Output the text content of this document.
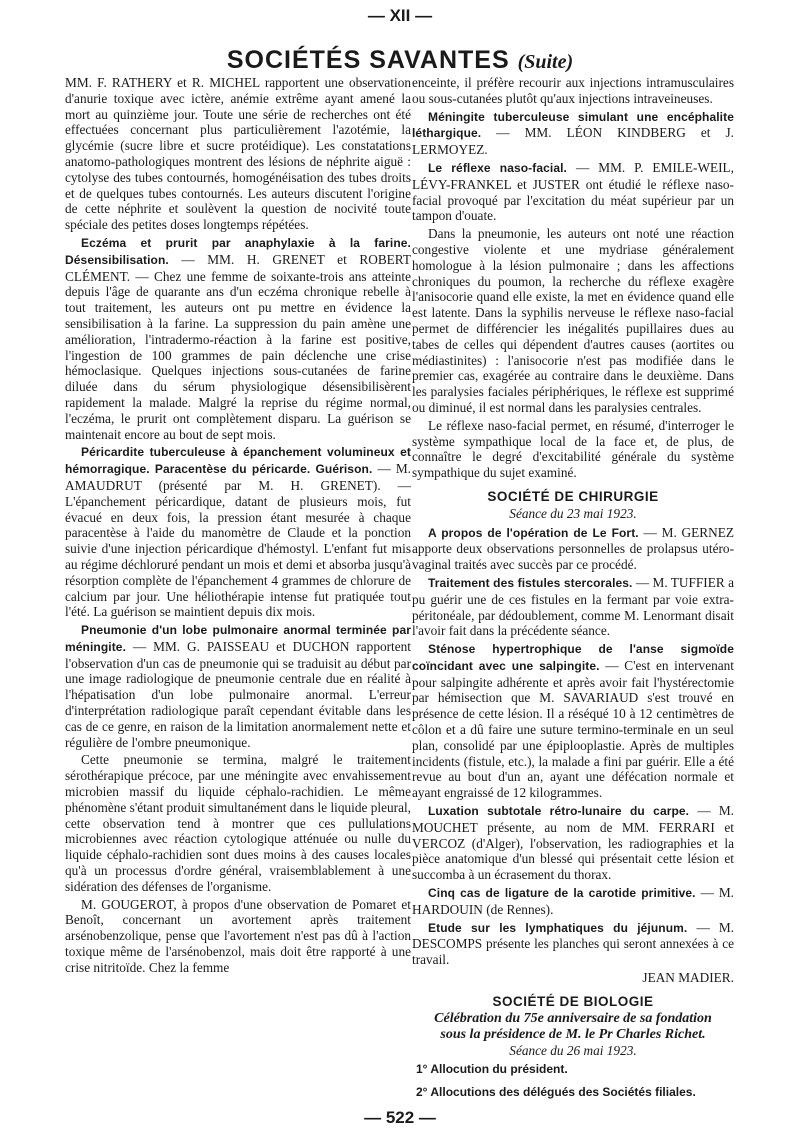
— XII —
SOCIÉTÉS SAVANTES (Suite)

MM. F. RATHERY et R. MICHEL rapportent une observation d'anurie toxique avec ictère, anémie extrême ayant amené la mort au quinzième jour. Toute une série de recherches ont été effectuées concernant plus particulièrement l'azotémie, la glycémie (sucre libre et sucre protéidique). Les constatations anatomo-pathologiques montrent des lésions de néphrite aiguë : cytolyse des tubes contournés, homogénéisation des tubes droits et de quelques tubes contournés. Les auteurs discutent l'origine de cette néphrite et soulèvent la question de nocivité toute spéciale des petites doses longtemps répétées.

Eczéma et prurit par anaphylaxie à la farine. Désensibilisation. — MM. H. GRENET et ROBERT CLÉMENT. — Chez une femme de soixante-trois ans atteinte depuis l'âge de quarante ans d'un eczéma chronique rebelle à tout traitement, les auteurs ont pu mettre en évidence la sensibilisation à la farine. La suppression du pain amène une amélioration, l'intradermo-réaction à la farine est positive, l'ingestion de 100 grammes de pain déclenche une crise hémoclasique. Quelques injections sous-cutanées de farine diluée dans du sérum physiologique désensibilisèrent rapidement la malade. Malgré la reprise du régime normal, l'eczéma, le prurit ont complètement disparu. La guérison se maintenait encore au bout de sept mois.

Péricardite tuberculeuse à épanchement volumineux et hémorragique. Paracentèse du péricarde. Guérison. — M. AMAUDRUT (présenté par M. H. GRENET). — L'épanchement péricardique, datant de plusieurs mois, fut évacué en deux fois, la pression étant mesurée à chaque paracentèse à l'aide du manomètre de Claude et la ponction suivie d'une injection péricardique d'hémostyl. L'enfant fut mis au régime déchloruré pendant un mois et demi et absorba jusqu'à résorption complète de l'épanchement 4 grammes de chlorure de calcium par jour. Une héliothérapie intense fut pratiquée tout l'été. La guérison se maintient depuis dix mois.

Pneumonie d'un lobe pulmonaire anormal terminée par méningite. — MM. G. PAISSEAU et DUCHON rapportent l'observation d'un cas de pneumonie qui se traduisit au début par une image radiologique de pneumonie centrale due en réalité à l'hépatisation d'un lobe pulmonaire anormal. L'erreur d'interprétation radiologique paraît cependant évitable dans les cas de ce genre, en raison de la limitation anormalement nette et régulière de l'ombre pneumonique.

Cette pneumonie se termina, malgré le traitement sérothérapique précoce, par une méningite avec envahissement microbien massif du liquide céphalo-rachidien. Le même phénomène s'étant produit simultanément dans le liquide pleural, cette observation tend à montrer que ces pullulations microbiennes avec réaction cytologique atténuée ou nulle du liquide céphalo-rachidien sont dues moins à des causes locales qu'à un processus d'ordre général, vraisemblablement à une sidération des défenses de l'organisme.

M. GOUGEROT, à propos d'une observation de Pomaret et Benoît, concernant un avortement après traitement arsénobenzolique, pense que l'avortement n'est pas dû à l'action toxique même de l'arsénobenzol, mais doit être rapporté à une crise nitritoïde. Chez la femme

enceinte, il préfère recourir aux injections intramusculaires ou sous-cutanées plutôt qu'aux injections intraveineuses.

Méningite tuberculeuse simulant une encéphalite léthargique. — MM. LÉON KINDBERG et J. LERMOYEZ.

Le réflexe naso-facial. — MM. P. EMILE-WEIL, LÉVY-FRANKEL et JUSTER ont étudié le réflexe naso-facial provoqué par l'excitation du méat supérieur par un tampon d'ouate.

Dans la pneumonie, les auteurs ont noté une réaction congestive violente et une mydriase généralement homologue à la lésion pulmonaire ; dans les affections chroniques du poumon, la recherche du réflexe exagère l'anisocorie quand elle existe, la met en évidence quand elle est latente. Dans la syphilis nerveuse le réflexe naso-facial permet de différencier les inégalités pupillaires dues au tabes de celles qui dépendent d'autres causes (aortites ou médiastinites) : l'anisocorie n'est pas modifiée dans le premier cas, exagérée au contraire dans le deuxième. Dans les paralysies faciales périphériques, le réflexe est supprimé ou diminué, il est normal dans les paralysies centrales.

Le réflexe naso-facial permet, en résumé, d'interroger le système sympathique local de la face et, de plus, de connaître le degré d'excitabilité générale du système sympathique du sujet examiné.

SOCIÉTÉ DE CHIRURGIE
Séance du 23 mai 1923.

A propos de l'opération de Le Fort. — M. GERNEZ apporte deux observations personnelles de prolapsus utéro-vaginal traités avec succès par ce procédé.

Traitement des fistules stercorales. — M. TUFFIER a pu guérir une de ces fistules en la fermant par voie extra-péritonéale, par dédoublement, comme M. Lenormant disait l'avoir fait dans la précédente séance.

Sténose hypertrophique de l'anse sigmoïde coïncidant avec une salpingite. — C'est en intervenant pour salpingite adhérente et après avoir fait l'hystérectomie par hémisection que M. SAVARIAUD s'est trouvé en présence de cette lésion. Il a réséqué 10 à 12 centimètres de côlon et a dû faire une suture termino-terminale en un seul plan, consolidé par une épiplooplastie. Après de multiples incidents (fistule, etc.), la malade a fini par guérir. Elle a été revue au bout d'un an, ayant une défécation normale et ayant engraissé de 12 kilogrammes.

Luxation subtotale rétro-lunaire du carpe. — M. MOUCHET présente, au nom de MM. FERRARI et VERCOZ (d'Alger), l'observation, les radiographies et la pièce anatomique d'un blessé qui présentait cette lésion et succomba à un écrasement du thorax.

Cinq cas de ligature de la carotide primitive. — M. HARDOUIN (de Rennes).

Etude sur les lymphatiques du jéjunum. — M. DESCOMPS présente les planches qui seront annexées à ce travail.

JEAN MADIER.
SOCIÉTÉ DE BIOLOGIE
Célébration du 75e anniversaire de sa fondation
sous la présidence de M. le Pr Charles Richet.
Séance du 26 mai 1923.
1° Allocution du président.
2° Allocutions des délégués des Sociétés filiales.
— 522 —
